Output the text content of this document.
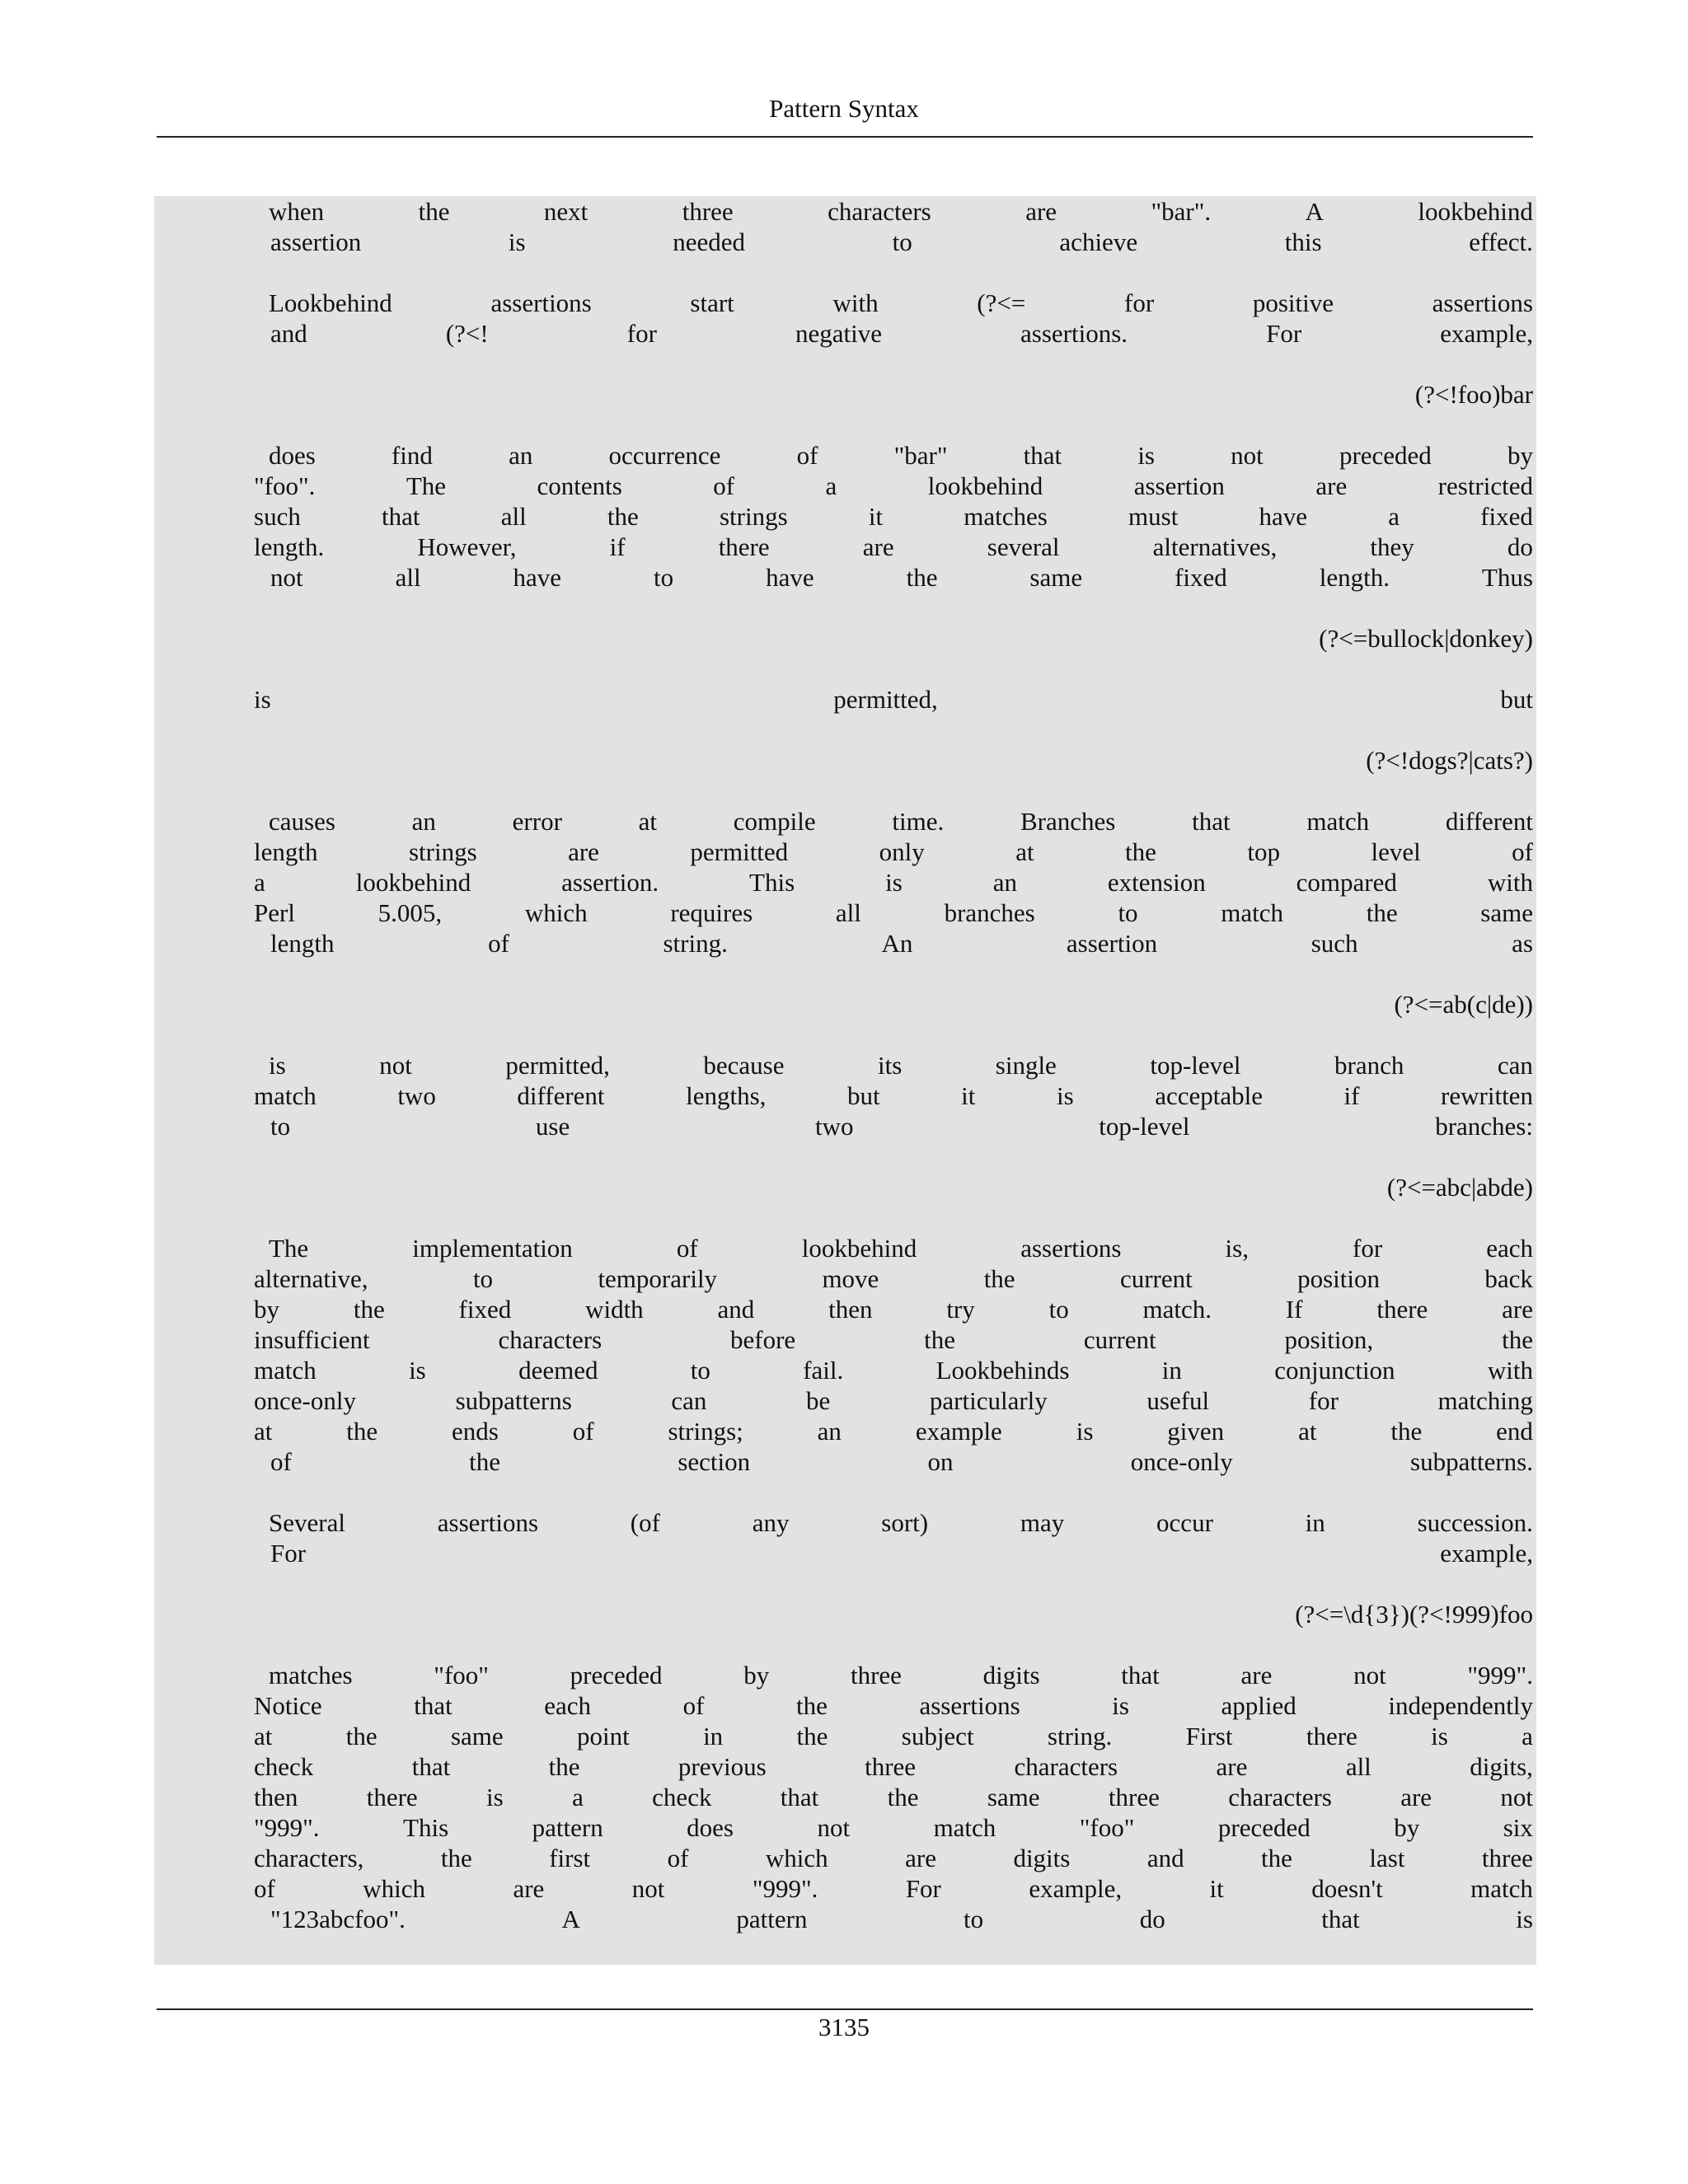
Pattern Syntax
when	the	next	three	characters	are	"bar".	A	lookbehind
assertion	is	needed	to	achieve	this	effect.
Lookbehind	assertions	start	with	(?<=	for	positive	assertions
and	(?<!	for	negative	assertions.	For	example,
(?<!foo)bar
does	find	an	occurrence	of	"bar"	that	is	not	preceded	by
"foo".	The	contents	of	a	lookbehind	assertion	are	restricted
such	that	all	the	strings	it	matches	must	have	a	fixed
length.	However,	if	there	are	several	alternatives,	they	do
not	all	have	to	have	the	same	fixed	length.	Thus
(?<=bullock|donkey)
is	permitted,	but
(?<!dogs?|cats?)
causes	an	error	at	compile	time.	Branches	that	match	different
length	strings	are	permitted	only	at	the	top	level	of
a	lookbehind	assertion.	This	is	an	extension	compared	with
Perl	5.005,	which	requires	all	branches	to	match	the	same
length	of	string.	An	assertion	such	as
(?<=ab(c|de))
is	not	permitted,	because	its	single	top-level	branch	can
match	two	different	lengths,	but	it	is	acceptable	if	rewritten
to	use	two	top-level	branches:
(?<=abc|abde)
The	implementation	of	lookbehind	assertions	is,	for	each
alternative,	to	temporarily	move	the	current	position	back
by	the	fixed	width	and	then	try	to	match.	If	there	are
insufficient	characters	before	the	current	position,	the
match	is	deemed	to	fail.	Lookbehinds	in	conjunction	with
once-only	subpatterns	can	be	particularly	useful	for	matching
at	the	ends	of	strings;	an	example	is	given	at	the	end
of	the	section	on	once-only	subpatterns.
Several	assertions	(of	any	sort)	may	occur	in	succession.
For	example,
(?<=\d{3})(?<!999)foo
matches	"foo"	preceded	by	three	digits	that	are	not	"999".
Notice	that	each	of	the	assertions	is	applied	independently
at	the	same	point	in	the	subject	string.	First	there	is	a
check	that	the	previous	three	characters	are	all	digits,
then	there	is	a	check	that	the	same	three	characters	are	not
"999".	This	pattern	does	not	match	"foo"	preceded	by	six
characters,	the	first	of	which	are	digits	and	the	last	three
of	which	are	not	"999".	For	example,	it	doesn't	match
"123abcfoo".	A	pattern	to	do	that	is
3135
